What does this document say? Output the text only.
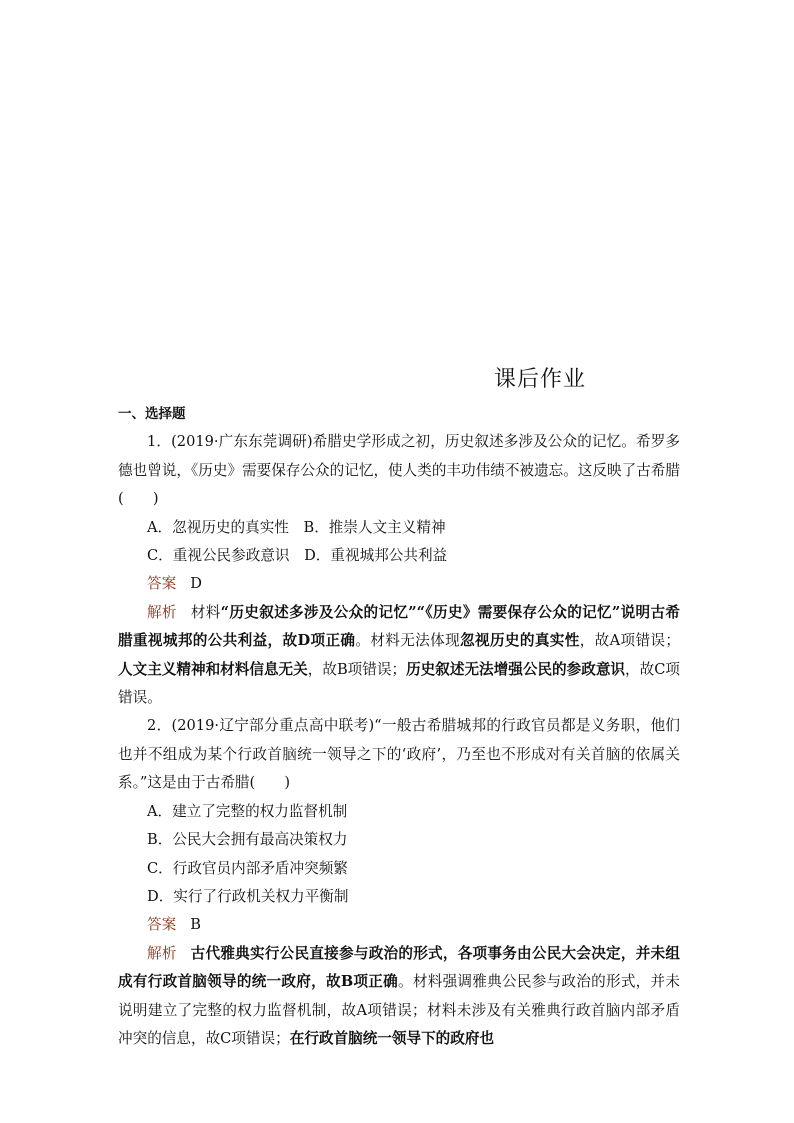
课后作业

一、选择题

1．(2019·广东东莞调研)希腊史学形成之初，历史叙述多涉及公众的记忆。希罗多德也曾说，《历史》需要保存公众的记忆，使人类的丰功伟绩不被遗忘。这反映了古希腊(　　)

A．忽视历史的真实性　B．推崇人文主义精神

C．重视公民参政意识　D．重视城邦公共利益

答案 D

解析 材料“历史叙述多涉及公众的记忆”“《历史》需要保存公众的记忆”说明古希腊重视城邦的公共利益，故D项正确。材料无法体现忽视历史的真实性，故A项错误；人文主义精神和材料信息无关，故B项错误；历史叙述无法增强公民的参政意识，故C项错误。

2．(2019·辽宁部分重点高中联考)“一般古希腊城邦的行政官员都是义务职，他们也并不组成为某个行政首脑统一领导之下的‘政府’，乃至也不形成对有关首脑的依属关系。”这是由于古希腊(　　)

A．建立了完整的权力监督机制

B．公民大会拥有最高决策权力

C．行政官员内部矛盾冲突频繁

D．实行了行政机关权力平衡制

答案 B

解析 古代雅典实行公民直接参与政治的形式，各项事务由公民大会决定，并未组成有行政首脑领导的统一政府，故B项正确。材料强调雅典公民参与政治的形式，并未说明建立了完整的权力监督机制，故A项错误；材料未涉及有关雅典行政首脑内部矛盾冲突的信息，故C项错误；在行政首脑统一领导下的政府也
